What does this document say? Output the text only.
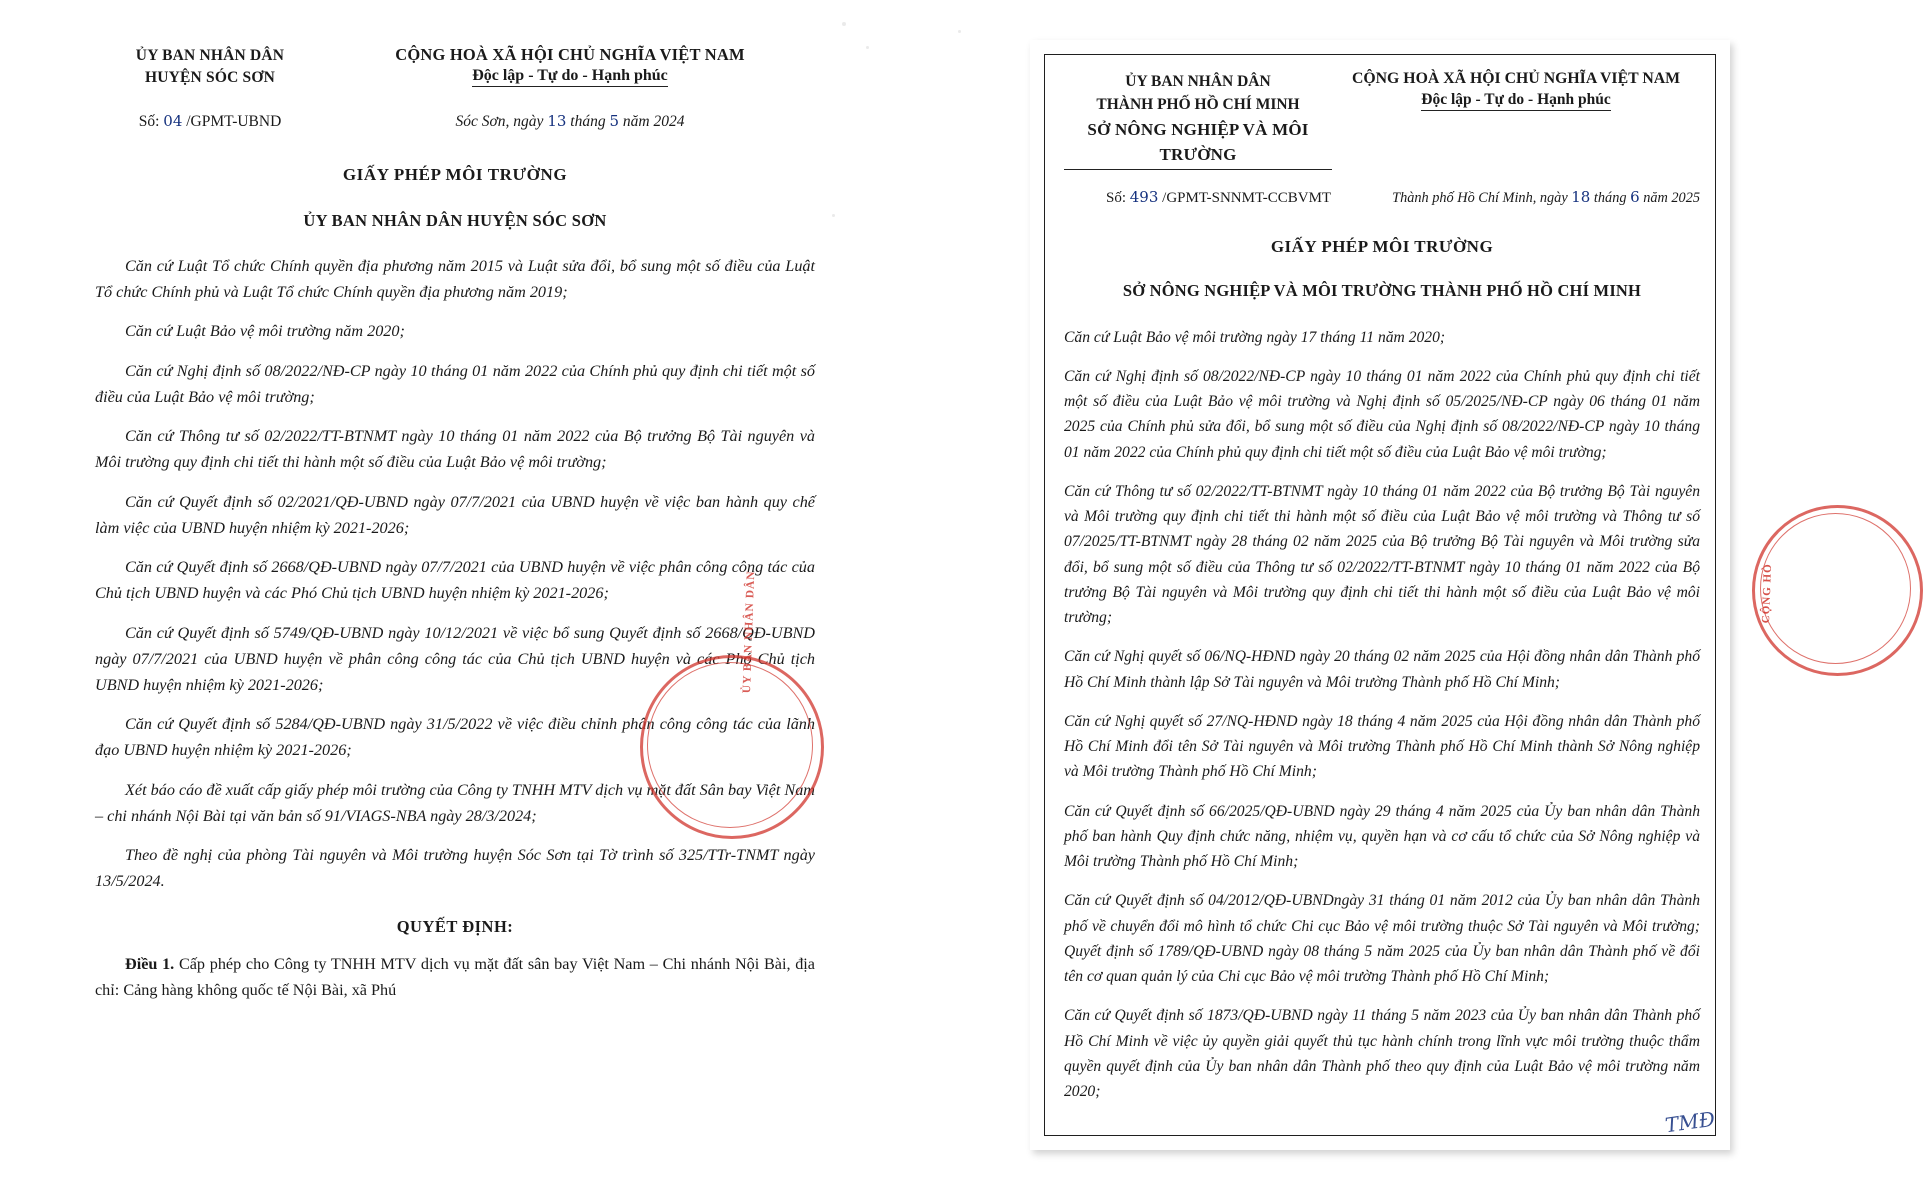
ỦY BAN NHÂN DÂN
HUYỆN SÓC SƠN
CỘNG HOÀ XÃ HỘI CHỦ NGHĨA VIỆT NAM
Độc lập - Tự do - Hạnh phúc
Số: 04 /GPMT-UBND	Sóc Sơn, ngày 13 tháng 5 năm 2024
GIẤY PHÉP MÔI TRƯỜNG
ỦY BAN NHÂN DÂN HUYỆN SÓC SƠN
Căn cứ Luật Tổ chức Chính quyền địa phương năm 2015 và Luật sửa đổi, bổ sung một số điều của Luật Tổ chức Chính phủ và Luật Tổ chức Chính quyền địa phương năm 2019;
Căn cứ Luật Bảo vệ môi trường năm 2020;
Căn cứ Nghị định số 08/2022/NĐ-CP ngày 10 tháng 01 năm 2022 của Chính phủ quy định chi tiết một số điều của Luật Bảo vệ môi trường;
Căn cứ Thông tư số 02/2022/TT-BTNMT ngày 10 tháng 01 năm 2022 của Bộ trưởng Bộ Tài nguyên và Môi trường quy định chi tiết thi hành một số điều của Luật Bảo vệ môi trường;
Căn cứ Quyết định số 02/2021/QĐ-UBND ngày 07/7/2021 của UBND huyện về việc ban hành quy chế làm việc của UBND huyện nhiệm kỳ 2021-2026;
Căn cứ Quyết định số 2668/QĐ-UBND ngày 07/7/2021 của UBND huyện về việc phân công công tác của Chủ tịch UBND huyện và các Phó Chủ tịch UBND huyện nhiệm kỳ 2021-2026;
Căn cứ Quyết định số 5749/QĐ-UBND ngày 10/12/2021 về việc bổ sung Quyết định số 2668/QĐ-UBND ngày 07/7/2021 của UBND huyện về phân công công tác của Chủ tịch UBND huyện và các Phó Chủ tịch UBND huyện nhiệm kỳ 2021-2026;
Căn cứ Quyết định số 5284/QĐ-UBND ngày 31/5/2022 về việc điều chỉnh phân công công tác của lãnh đạo UBND huyện nhiệm kỳ 2021-2026;
Xét báo cáo đề xuất cấp giấy phép môi trường của Công ty TNHH MTV dịch vụ mặt đất Sân bay Việt Nam – chi nhánh Nội Bài tại văn bản số 91/VIAGS-NBA ngày 28/3/2024;
Theo đề nghị của phòng Tài nguyên và Môi trường huyện Sóc Sơn tại Tờ trình số 325/TTr-TNMT ngày 13/5/2024.
QUYẾT ĐỊNH:
Điều 1. Cấp phép cho Công ty TNHH MTV dịch vụ mặt đất sân bay Việt Nam – Chi nhánh Nội Bài, địa chỉ: Cảng hàng không quốc tế Nội Bài, xã Phú
ỦY BAN NHÂN DÂN
ỦY BAN NHÂN DÂN
THÀNH PHỐ HỒ CHÍ MINH
SỞ NÔNG NGHIỆP VÀ MÔI TRƯỜNG
CỘNG HOÀ XÃ HỘI CHỦ NGHĨA VIỆT NAM
Độc lập - Tự do - Hạnh phúc
Số: 493 /GPMT-SNNMT-CCBVMT	Thành phố Hồ Chí Minh, ngày 18 tháng 6 năm 2025
GIẤY PHÉP MÔI TRƯỜNG
SỞ NÔNG NGHIỆP VÀ MÔI TRƯỜNG THÀNH PHỐ HỒ CHÍ MINH
Căn cứ Luật Bảo vệ môi trường ngày 17 tháng 11 năm 2020;
Căn cứ Nghị định số 08/2022/NĐ-CP ngày 10 tháng 01 năm 2022 của Chính phủ quy định chi tiết một số điều của Luật Bảo vệ môi trường và Nghị định số 05/2025/NĐ-CP ngày 06 tháng 01 năm 2025 của Chính phủ sửa đổi, bổ sung một số điều của Nghị định số 08/2022/NĐ-CP ngày 10 tháng 01 năm 2022 của Chính phủ quy định chi tiết một số điều của Luật Bảo vệ môi trường;
Căn cứ Thông tư số 02/2022/TT-BTNMT ngày 10 tháng 01 năm 2022 của Bộ trưởng Bộ Tài nguyên và Môi trường quy định chi tiết thi hành một số điều của Luật Bảo vệ môi trường và Thông tư số 07/2025/TT-BTNMT ngày 28 tháng 02 năm 2025 của Bộ trưởng Bộ Tài nguyên và Môi trường sửa đổi, bổ sung một số điều của Thông tư số 02/2022/TT-BTNMT ngày 10 tháng 01 năm 2022 của Bộ trưởng Bộ Tài nguyên và Môi trường quy định chi tiết thi hành một số điều của Luật Bảo vệ môi trường;
Căn cứ Nghị quyết số 06/NQ-HĐND ngày 20 tháng 02 năm 2025 của Hội đồng nhân dân Thành phố Hồ Chí Minh thành lập Sở Tài nguyên và Môi trường Thành phố Hồ Chí Minh;
Căn cứ Nghị quyết số 27/NQ-HĐND ngày 18 tháng 4 năm 2025 của Hội đồng nhân dân Thành phố Hồ Chí Minh đổi tên Sở Tài nguyên và Môi trường Thành phố Hồ Chí Minh thành Sở Nông nghiệp và Môi trường Thành phố Hồ Chí Minh;
Căn cứ Quyết định số 66/2025/QĐ-UBND ngày 29 tháng 4 năm 2025 của Ủy ban nhân dân Thành phố ban hành Quy định chức năng, nhiệm vụ, quyền hạn và cơ cấu tổ chức của Sở Nông nghiệp và Môi trường Thành phố Hồ Chí Minh;
Căn cứ Quyết định số 04/2012/QĐ-UBNDngày 31 tháng 01 năm 2012 của Ủy ban nhân dân Thành phố về chuyển đổi mô hình tổ chức Chi cục Bảo vệ môi trường thuộc Sở Tài nguyên và Môi trường; Quyết định số 1789/QĐ-UBND ngày 08 tháng 5 năm 2025 của Ủy ban nhân dân Thành phố về đổi tên cơ quan quản lý của Chi cục Bảo vệ môi trường Thành phố Hồ Chí Minh;
Căn cứ Quyết định số 1873/QĐ-UBND ngày 11 tháng 5 năm 2023 của Ủy ban nhân dân Thành phố Hồ Chí Minh về việc ủy quyền giải quyết thủ tục hành chính trong lĩnh vực môi trường thuộc thẩm quyền quyết định của Ủy ban nhân dân Thành phố theo quy định của Luật Bảo vệ môi trường năm 2020;
CỘNG HÒ
TMĐ
